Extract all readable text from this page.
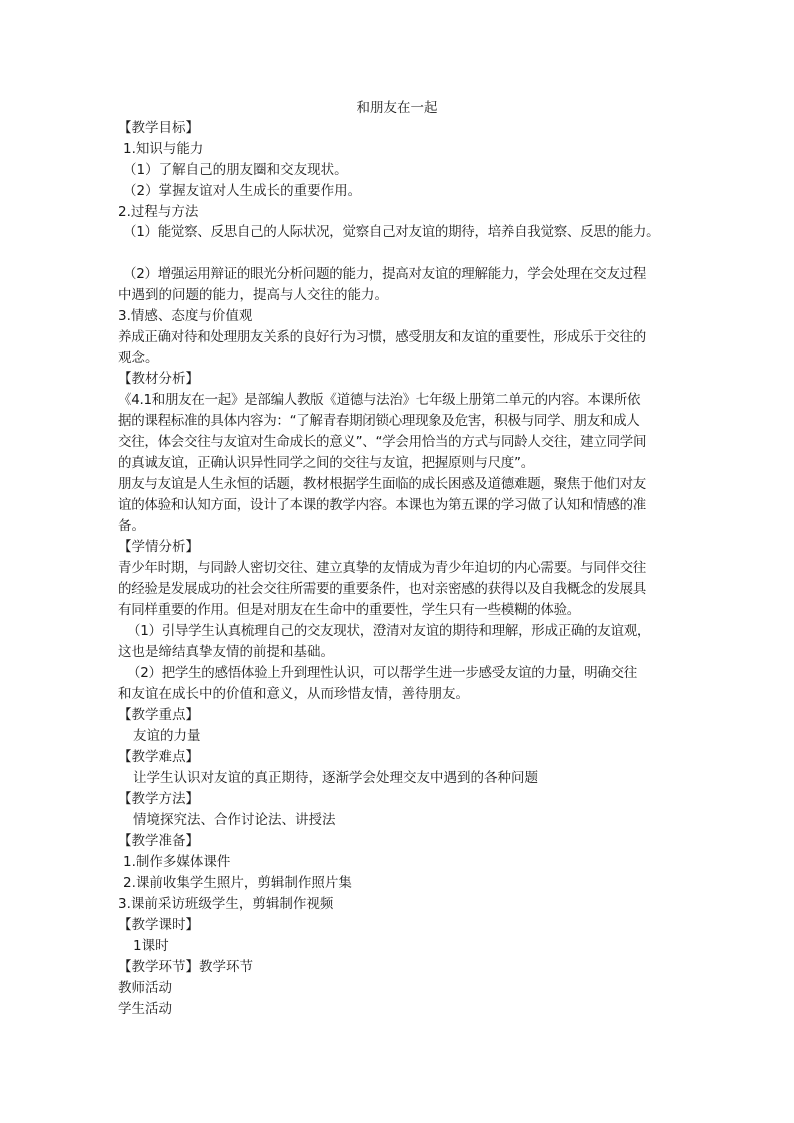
和朋友在一起
【教学目标】
1.知识与能力
（1）了解自己的朋友圈和交友现状。
（2）掌握友谊对人生成长的重要作用。
2.过程与方法
（1）能觉察、反思自己的人际状况，觉察自己对友谊的期待，培养自我觉察、反思的能力。
（2）增强运用辩证的眼光分析问题的能力，提高对友谊的理解能力，学会处理在交友过程
中遇到的问题的能力，提高与人交往的能力。
3.情感、态度与价值观
养成正确对待和处理朋友关系的良好行为习惯，感受朋友和友谊的重要性，形成乐于交往的
观念。
【教材分析】
《4.1和朋友在一起》是部编人教版《道德与法治》七年级上册第二单元的内容。本课所依
据的课程标准的具体内容为：“了解青春期闭锁心理现象及危害，积极与同学、朋友和成人
交往，体会交往与友谊对生命成长的意义”、“学会用恰当的方式与同龄人交往，建立同学间
的真诚友谊，正确认识异性同学之间的交往与友谊，把握原则与尺度”。
朋友与友谊是人生永恒的话题，教材根据学生面临的成长困惑及道德难题，聚焦于他们对友
谊的体验和认知方面，设计了本课的教学内容。本课也为第五课的学习做了认知和情感的准
备。
【学情分析】
青少年时期，与同龄人密切交往、建立真挚的友情成为青少年迫切的内心需要。与同伴交往
的经验是发展成功的社会交往所需要的重要条件，也对亲密感的获得以及自我概念的发展具
有同样重要的作用。但是对朋友在生命中的重要性，学生只有一些模糊的体验。
（1）引导学生认真梳理自己的交友现状，澄清对友谊的期待和理解，形成正确的友谊观，
这也是缔结真挚友情的前提和基础。
（2）把学生的感悟体验上升到理性认识，可以帮学生进一步感受友谊的力量，明确交往
和友谊在成长中的价值和意义，从而珍惜友情，善待朋友。
【教学重点】
友谊的力量
【教学难点】
让学生认识对友谊的真正期待，逐渐学会处理交友中遇到的各种问题
【教学方法】
情境探究法、合作讨论法、讲授法
【教学准备】
1.制作多媒体课件
2.课前收集学生照片，剪辑制作照片集
3.课前采访班级学生，剪辑制作视频
【教学课时】
1课时
【教学环节】教学环节
教师活动
学生活动
